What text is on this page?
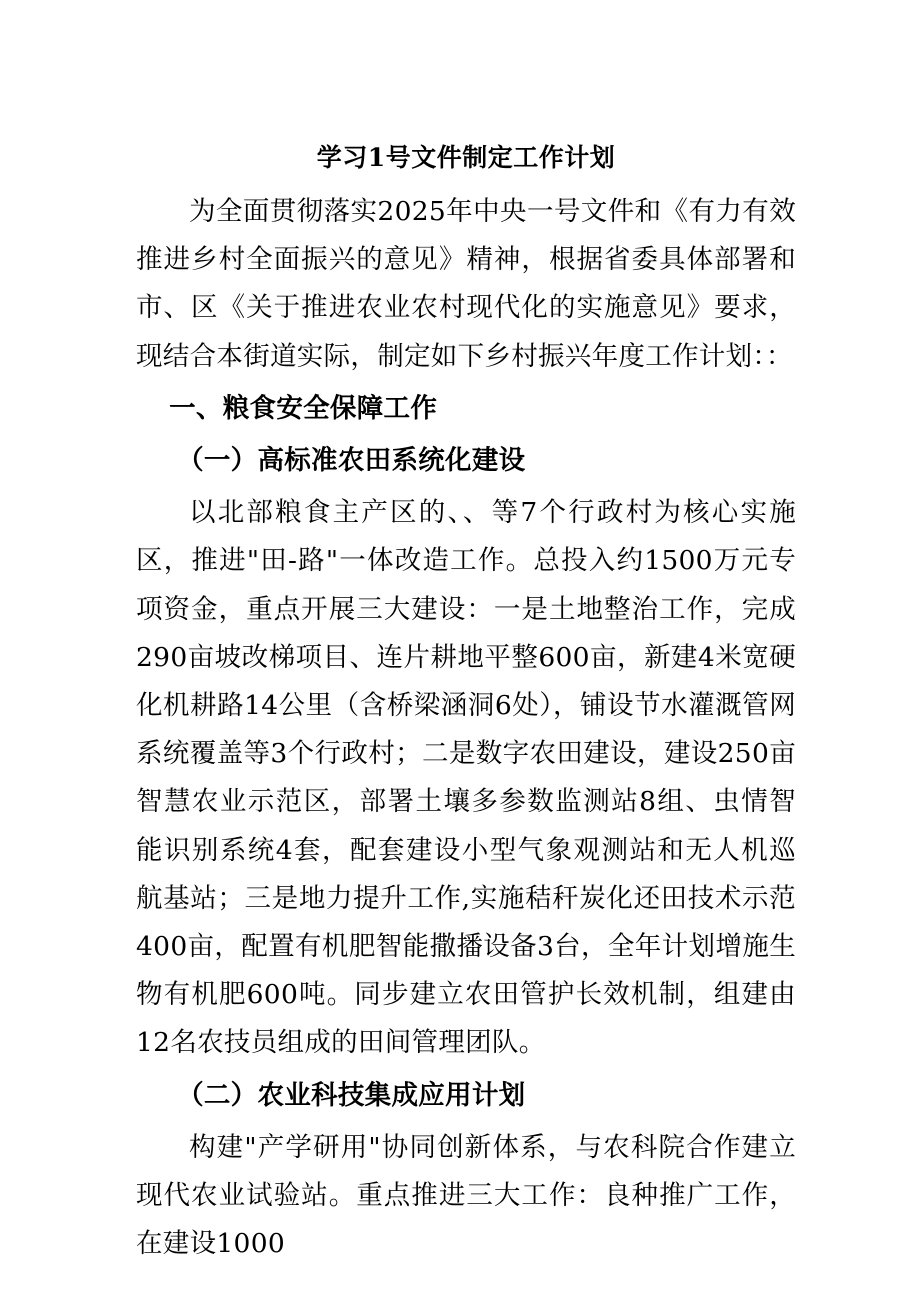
学习1号文件制定工作计划

为全面贯彻落实2025年中央一号文件和《有力有效推进乡村全面振兴的意见》精神，根据省委具体部署和市、区《关于推进农业农村现代化的实施意见》要求，现结合本街道实际，制定如下乡村振兴年度工作计划：：

一、粮食安全保障工作

（一）高标准农田系统化建设

以北部粮食主产区的、、等7个行政村为核心实施区，推进"田-路"一体改造工作。总投入约1500万元专项资金，重点开展三大建设：一是土地整治工作，完成290亩坡改梯项目、连片耕地平整600亩，新建4米宽硬化机耕路14公里（含桥梁涵洞6处），铺设节水灌溉管网系统覆盖等3个行政村；二是数字农田建设，建设250亩智慧农业示范区，部署土壤多参数监测站8组、虫情智能识别系统4套，配套建设小型气象观测站和无人机巡航基站；三是地力提升工作,实施秸秆炭化还田技术示范400亩，配置有机肥智能撒播设备3台，全年计划增施生物有机肥600吨。同步建立农田管护长效机制，组建由12名农技员组成的田间管理团队。

（二）农业科技集成应用计划

构建"产学研用"协同创新体系，与农科院合作建立现代农业试验站。重点推进三大工作：良种推广工作，在建设1000
